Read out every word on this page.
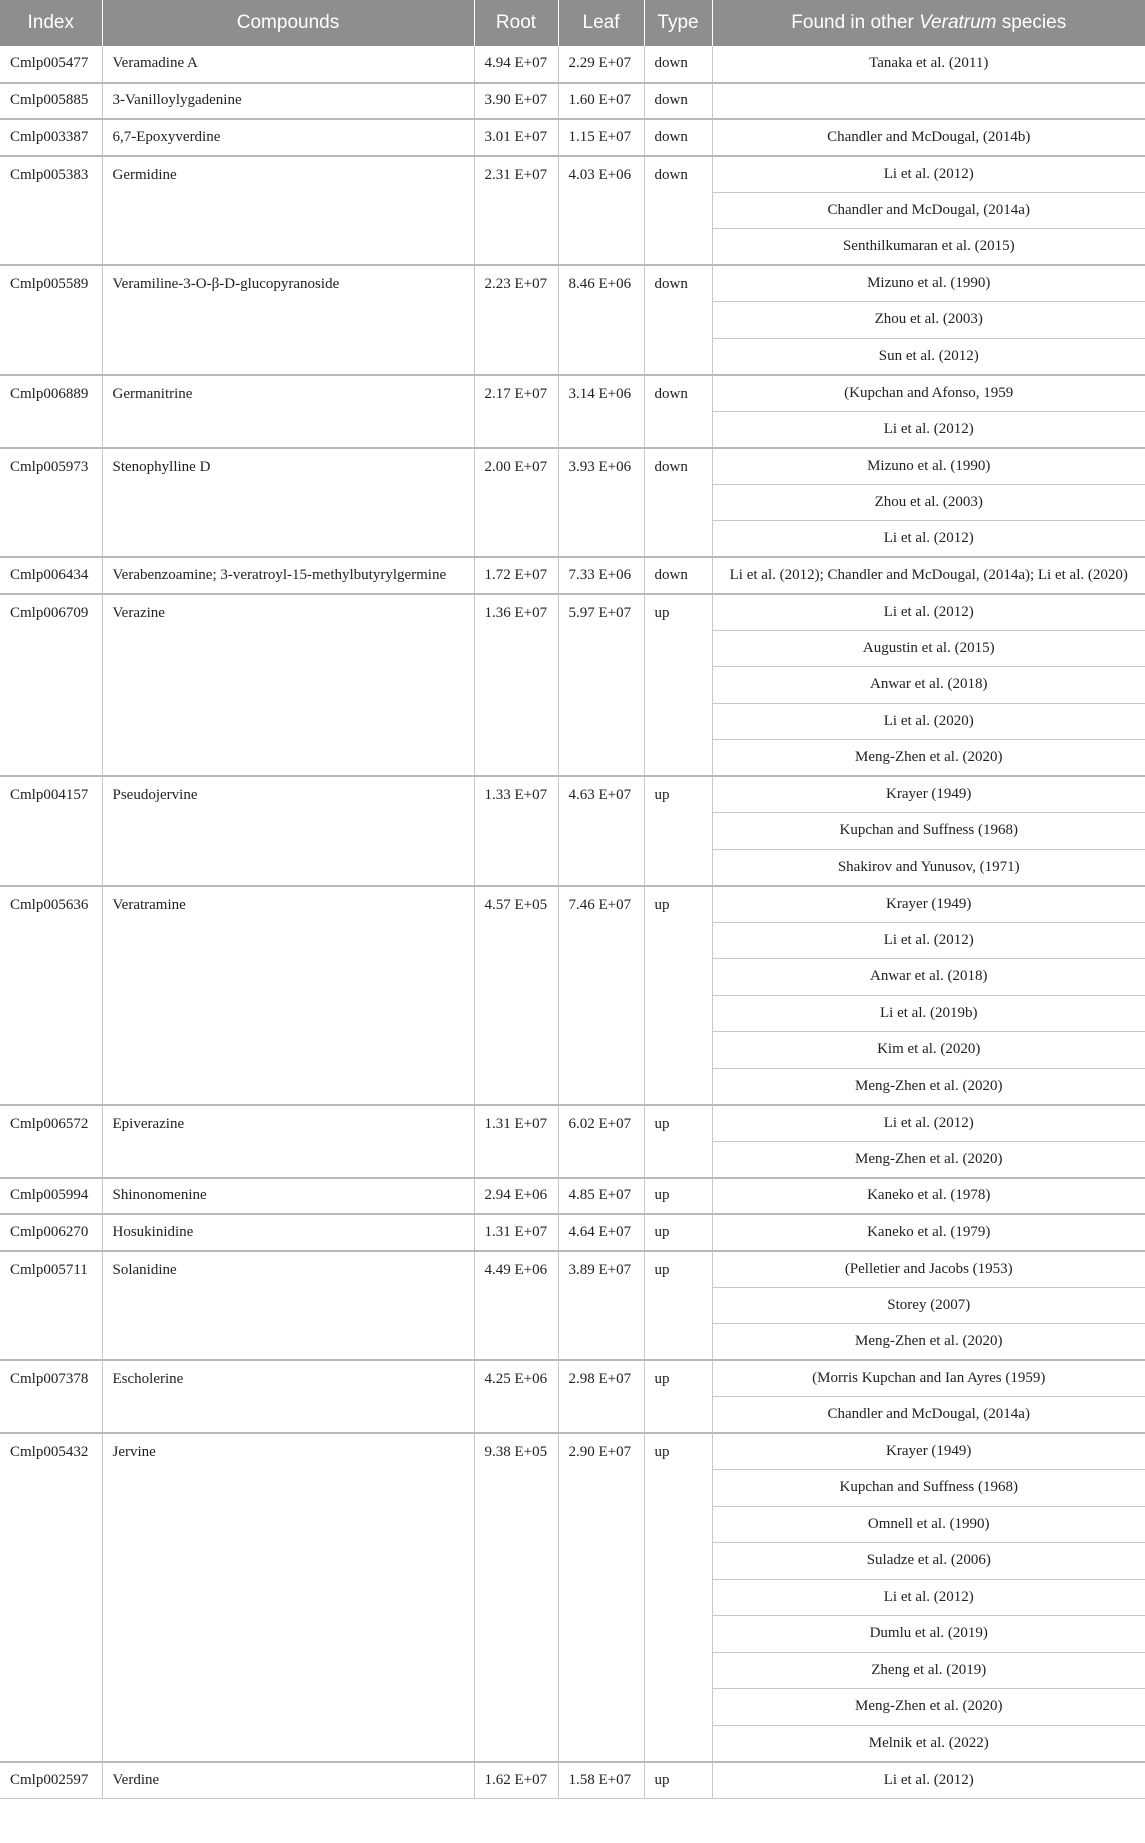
Index	Compounds	Root	Leaf	Type	Found in other Veratrum species
Cmlp005477	Veramadine A	4.94 E+07	2.29 E+07	down	Tanaka et al. (2011)
Cmlp005885	3-Vanilloylygadenine	3.90 E+07	1.60 E+07	down	
Cmlp003387	6,7-Epoxyverdine	3.01 E+07	1.15 E+07	down	Chandler and McDougal, (2014b)
Cmlp005383	Germidine	2.31 E+07	4.03 E+06	down	Li et al. (2012)
					Chandler and McDougal, (2014a)
					Senthilkumaran et al. (2015)
Cmlp005589	Veramiline-3-O-β-D-glucopyranoside	2.23 E+07	8.46 E+06	down	Mizuno et al. (1990)
					Zhou et al. (2003)
					Sun et al. (2012)
Cmlp006889	Germanitrine	2.17 E+07	3.14 E+06	down	(Kupchan and Afonso, 1959
					Li et al. (2012)
Cmlp005973	Stenophylline D	2.00 E+07	3.93 E+06	down	Mizuno et al. (1990)
					Zhou et al. (2003)
					Li et al. (2012)
Cmlp006434	Verabenzoamine; 3-veratroyl-15-methylbutyrylgermine	1.72 E+07	7.33 E+06	down	Li et al. (2012); Chandler and McDougal, (2014a); Li et al. (2020)
Cmlp006709	Verazine	1.36 E+07	5.97 E+07	up	Li et al. (2012)
					Augustin et al. (2015)
					Anwar et al. (2018)
					Li et al. (2020)
					Meng-Zhen et al. (2020)
Cmlp004157	Pseudojervine	1.33 E+07	4.63 E+07	up	Krayer (1949)
					Kupchan and Suffness (1968)
					Shakirov and Yunusov, (1971)
Cmlp005636	Veratramine	4.57 E+05	7.46 E+07	up	Krayer (1949)
					Li et al. (2012)
					Anwar et al. (2018)
					Li et al. (2019b)
					Kim et al. (2020)
					Meng-Zhen et al. (2020)
Cmlp006572	Epiverazine	1.31 E+07	6.02 E+07	up	Li et al. (2012)
					Meng-Zhen et al. (2020)
Cmlp005994	Shinonomenine	2.94 E+06	4.85 E+07	up	Kaneko et al. (1978)
Cmlp006270	Hosukinidine	1.31 E+07	4.64 E+07	up	Kaneko et al. (1979)
Cmlp005711	Solanidine	4.49 E+06	3.89 E+07	up	(Pelletier and Jacobs (1953)
					Storey (2007)
					Meng-Zhen et al. (2020)
Cmlp007378	Escholerine	4.25 E+06	2.98 E+07	up	(Morris Kupchan and Ian Ayres (1959)
					Chandler and McDougal, (2014a)
Cmlp005432	Jervine	9.38 E+05	2.90 E+07	up	Krayer (1949)
					Kupchan and Suffness (1968)
					Omnell et al. (1990)
					Suladze et al. (2006)
					Li et al. (2012)
					Dumlu et al. (2019)
					Zheng et al. (2019)
					Meng-Zhen et al. (2020)
					Melnik et al. (2022)
Cmlp002597	Verdine	1.62 E+07	1.58 E+07	up	Li et al. (2012)
